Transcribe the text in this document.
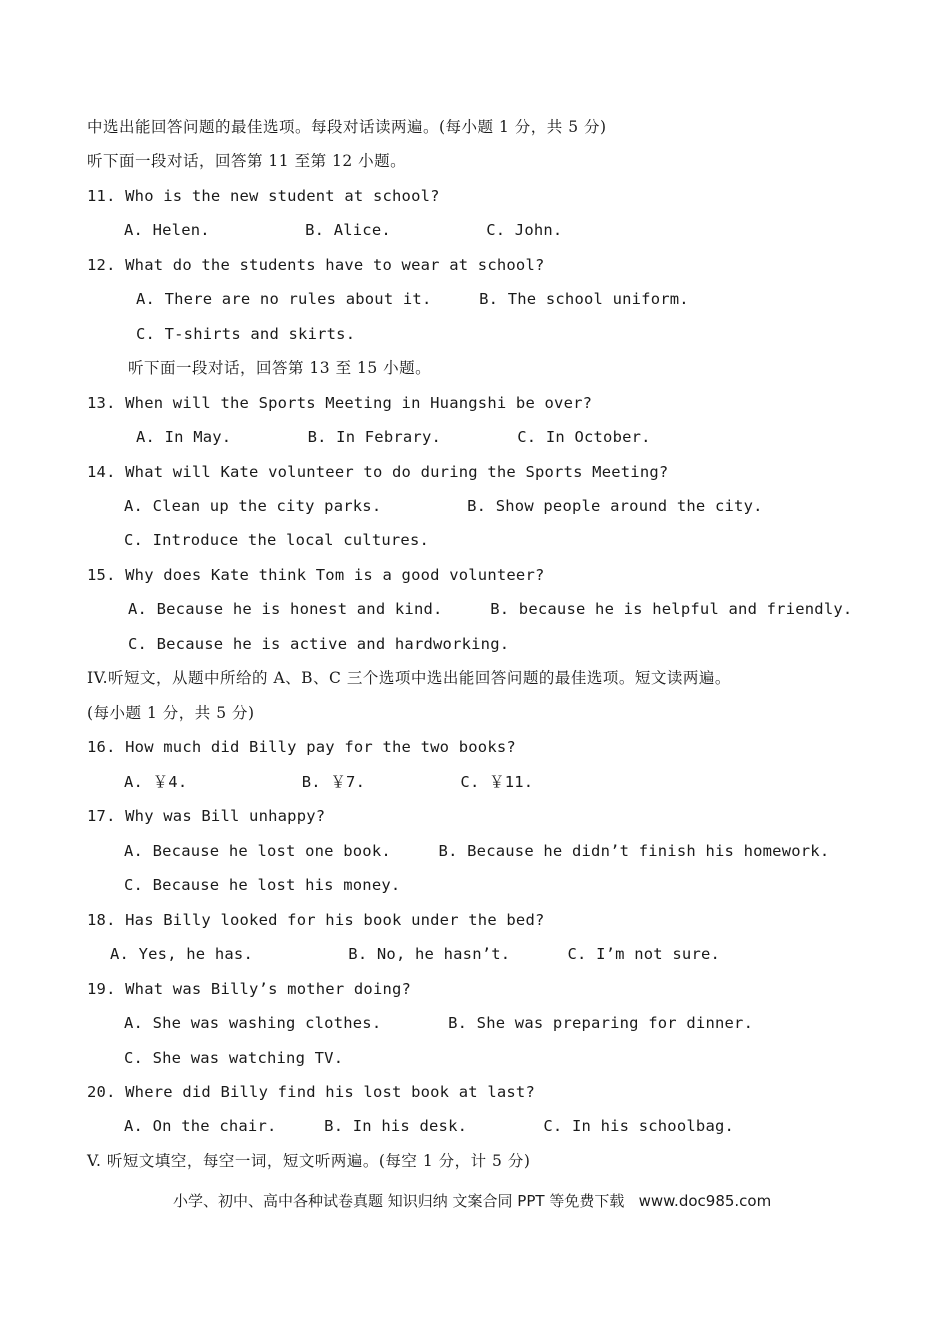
中选出能回答问题的最佳选项。每段对话读两遍。(每小题 1 分，共 5 分)
听下面一段对话，回答第 11 至第 12 小题。
11. Who is the new student at school?
A. Helen.          B. Alice.          C. John.
12. What do the students have to wear at school?
A. There are no rules about it.     B. The school uniform.
C. T-shirts and skirts.
听下面一段对话，回答第 13 至 15 小题。
13. When will the Sports Meeting in Huangshi be over?
A. In May.        B. In Febrary.        C. In October.
14. What will Kate volunteer to do during the Sports Meeting?
A. Clean up the city parks.         B. Show people around the city.
C. Introduce the local cultures.
15. Why does Kate think Tom is a good volunteer?
A. Because he is honest and kind.     B. because he is helpful and friendly.
C. Because he is active and hardworking.
IV.听短文，从题中所给的 A、B、C 三个选项中选出能回答问题的最佳选项。短文读两遍。
(每小题 1 分，共 5 分)
16. How much did Billy pay for the two books?
A. ￥4.            B. ￥7.          C. ￥11.
17. Why was Bill unhappy?
A. Because he lost one book.     B. Because he didn’t finish his homework.
C. Because he lost his money.
18. Has Billy looked for his book under the bed?
A. Yes, he has.          B. No, he hasn’t.      C. I’m not sure.
19. What was Billy’s mother doing?
A. She was washing clothes.       B. She was preparing for dinner.
C. She was watching TV.
20. Where did Billy find his lost book at last?
A. On the chair.     B. In his desk.        C. In his schoolbag.
V. 听短文填空，每空一词，短文听两遍。(每空 1 分，计 5 分)
小学、初中、高中各种试卷真题 知识归纳 文案合同 PPT 等免费下载   www.doc985.com
